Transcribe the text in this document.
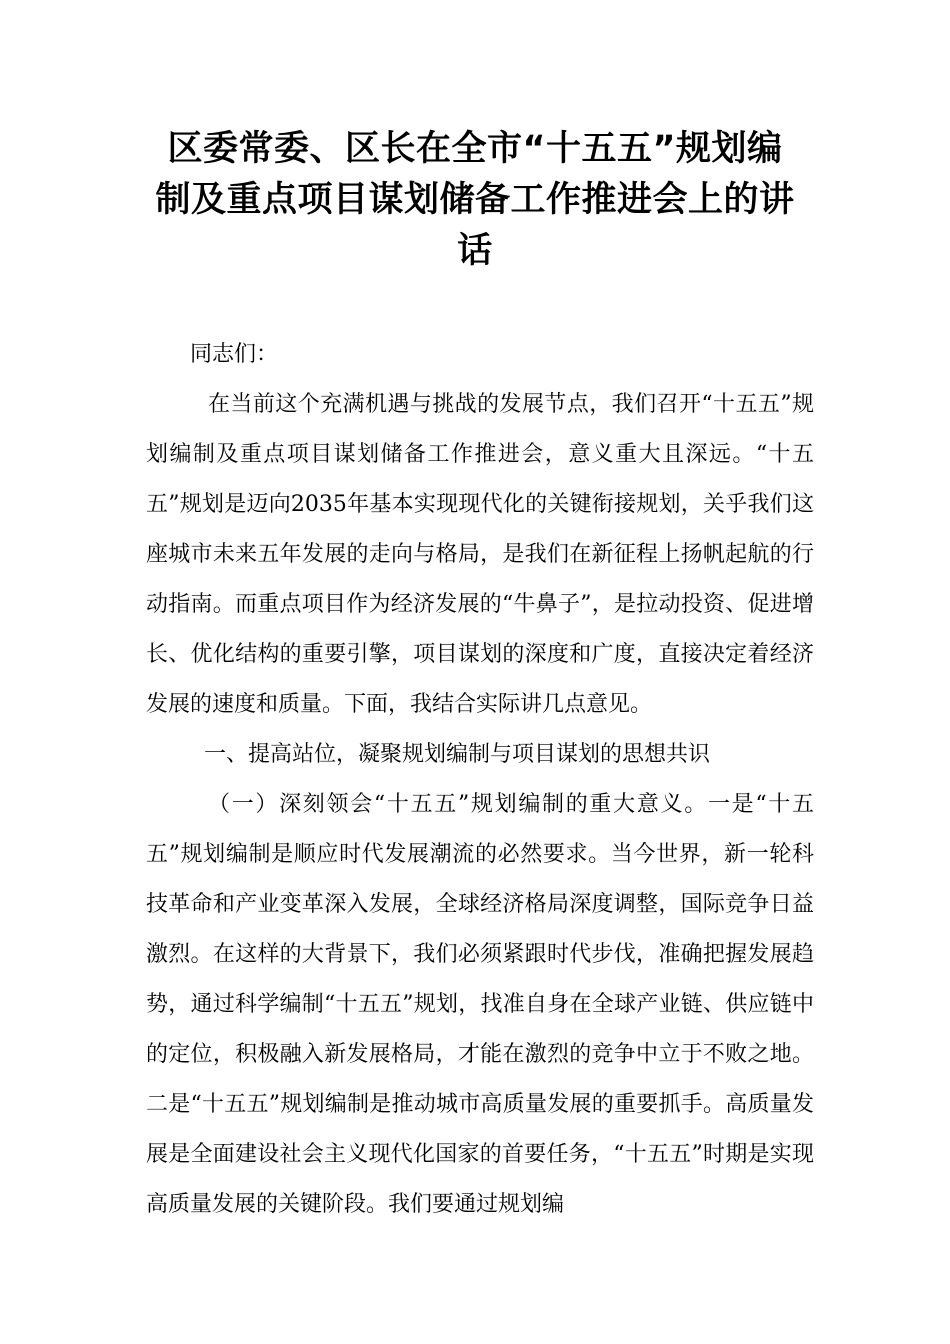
区委常委、区长在全市“十五五”规划编
制及重点项目谋划储备工作推进会上的讲
话

同志们：

在当前这个充满机遇与挑战的发展节点，我们召开“十五五”规划编制及重点项目谋划储备工作推进会，意义重大且深远。“十五五”规划是迈向2035年基本实现现代化的关键衔接规划，关乎我们这座城市未来五年发展的走向与格局，是我们在新征程上扬帆起航的行动指南。而重点项目作为经济发展的“牛鼻子”，是拉动投资、促进增长、优化结构的重要引擎，项目谋划的深度和广度，直接决定着经济发展的速度和质量。下面，我结合实际讲几点意见。

一、提高站位，凝聚规划编制与项目谋划的思想共识

（一）深刻领会“十五五”规划编制的重大意义。一是“十五五”规划编制是顺应时代发展潮流的必然要求。当今世界，新一轮科技革命和产业变革深入发展，全球经济格局深度调整，国际竞争日益激烈。在这样的大背景下，我们必须紧跟时代步伐，准确把握发展趋势，通过科学编制“十五五”规划，找准自身在全球产业链、供应链中的定位，积极融入新发展格局，才能在激烈的竞争中立于不败之地。二是“十五五”规划编制是推动城市高质量发展的重要抓手。高质量发展是全面建设社会主义现代化国家的首要任务，“十五五”时期是实现高质量发展的关键阶段。我们要通过规划编
